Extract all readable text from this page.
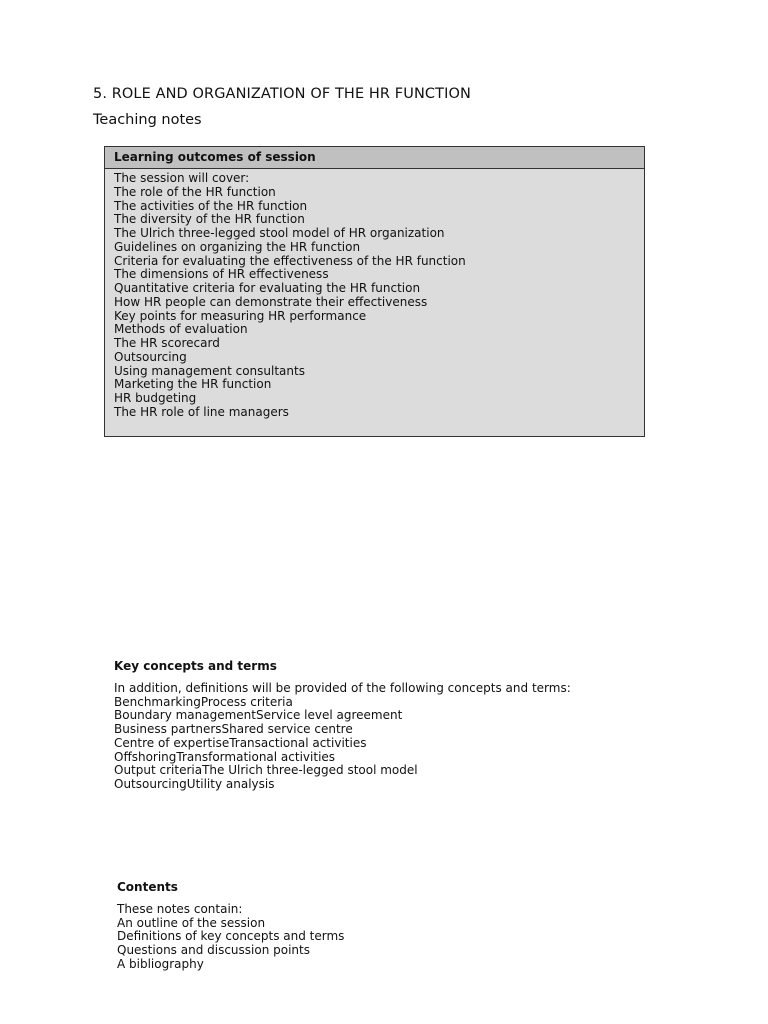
5. ROLE AND ORGANIZATION OF THE HR FUNCTION
Teaching notes
Learning outcomes of session
The session will cover:
The role of the HR function
The activities of the HR function
The diversity of the HR function
The Ulrich three-legged stool model of HR organization
Guidelines on organizing the HR function
Criteria for evaluating the effectiveness of the HR function
The dimensions of HR effectiveness
Quantitative criteria for evaluating the HR function
How HR people can demonstrate their effectiveness
Key points for measuring HR performance
Methods of evaluation
The HR scorecard
Outsourcing
Using management consultants
Marketing the HR function
HR budgeting
The HR role of line managers
Key concepts and terms
In addition, definitions will be provided of the following concepts and terms:
BenchmarkingProcess criteria
Boundary managementService level agreement
Business partnersShared service centre
Centre of expertiseTransactional activities
OffshoringTransformational activities
Output criteriaThe Ulrich three-legged stool model
OutsourcingUtility analysis
Contents
These notes contain:
An outline of the session
Definitions of key concepts and terms
Questions and discussion points
A bibliography
